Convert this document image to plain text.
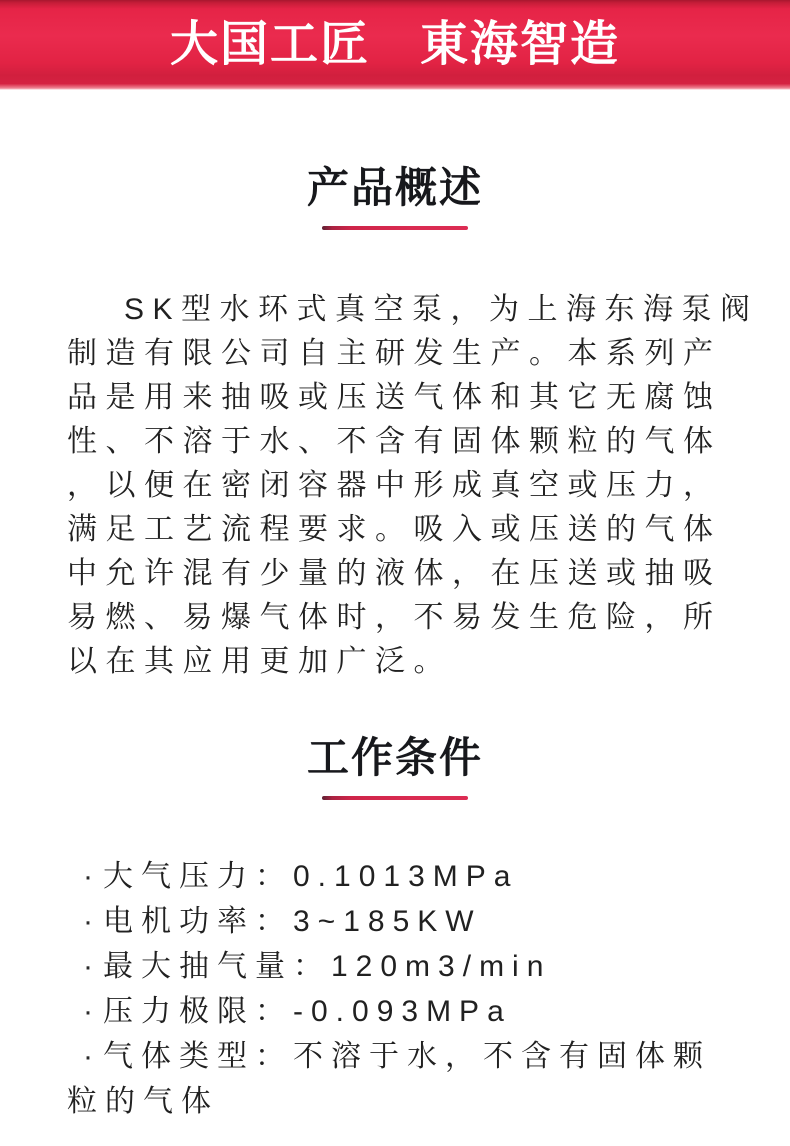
大国工匠　東海智造
产品概述
SK型水环式真空泵，为上海东海泵阀
制造有限公司自主研发生产。本系列产
品是用来抽吸或压送气体和其它无腐蚀
性、不溶于水、不含有固体颗粒的气体
，以便在密闭容器中形成真空或压力，
满足工艺流程要求。吸入或压送的气体
中允许混有少量的液体，在压送或抽吸
易燃、易爆气体时，不易发生危险，所
以在其应用更加广泛。
工作条件
·大气压力：0.1013MPa
·电机功率：3~185KW
·最大抽气量：120m3/min
·压力极限：-0.093MPa
·气体类型：不溶于水，不含有固体颗粒的气体
